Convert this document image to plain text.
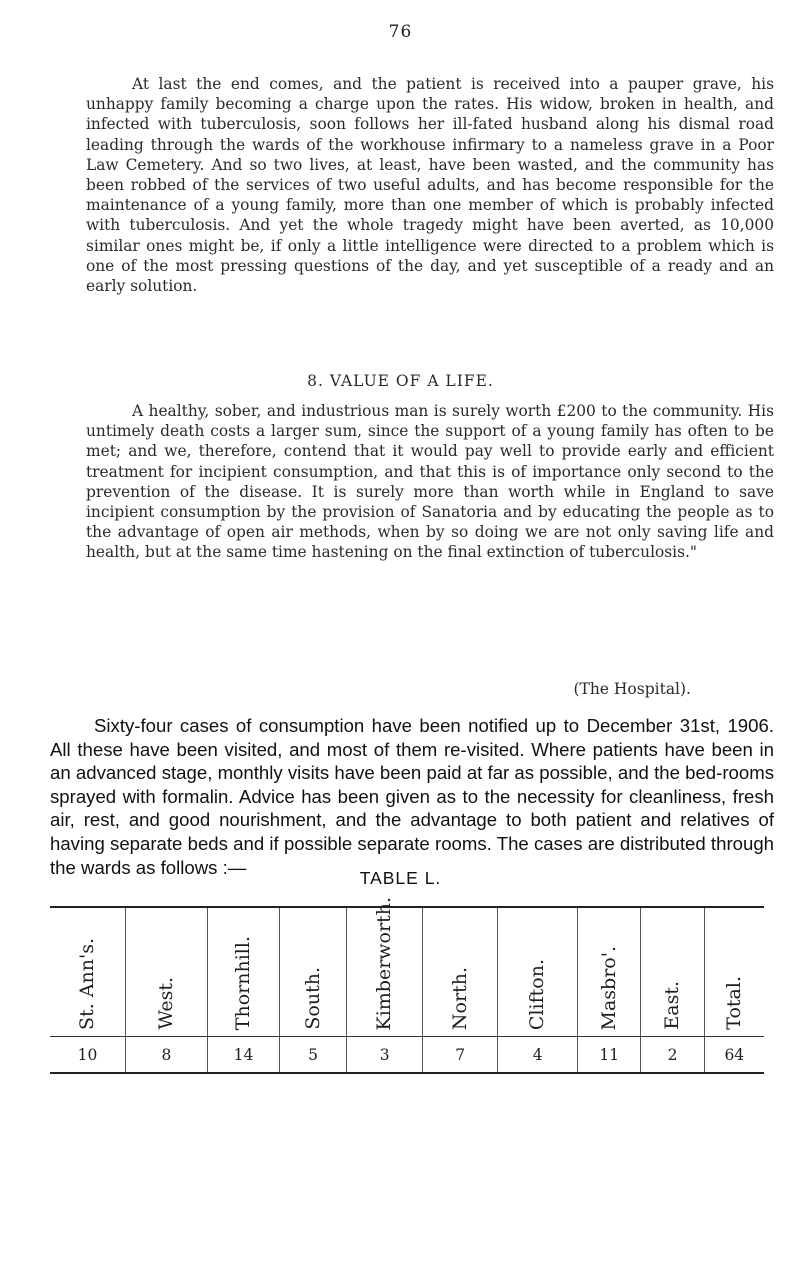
76

At last the end comes, and the patient is received into a pauper grave, his unhappy family becoming a charge upon the rates. His widow, broken in health, and infected with tuberculosis, soon follows her ill-fated husband along his dismal road leading through the wards of the workhouse infirmary to a nameless grave in a Poor Law Cemetery. And so two lives, at least, have been wasted, and the community has been robbed of the services of two useful adults, and has become responsible for the maintenance of a young family, more than one member of which is probably infected with tuberculosis. And yet the whole tragedy might have been averted, as 10,000 similar ones might be, if only a little intelligence were directed to a problem which is one of the most pressing questions of the day, and yet susceptible of a ready and an early solution.

8. VALUE OF A LIFE.

A healthy, sober, and industrious man is surely worth £200 to the community. His untimely death costs a larger sum, since the support of a young family has often to be met; and we, therefore, contend that it would pay well to provide early and efficient treatment for incipient consumption, and that this is of importance only second to the prevention of the disease. It is surely more than worth while in England to save incipient consumption by the provision of Sanatoria and by educating the people as to the advantage of open air methods, when by so doing we are not only saving life and health, but at the same time hastening on the final extinction of tuberculosis."

(The Hospital).

Sixty-four cases of consumption have been notified up to December 31st, 1906. All these have been visited, and most of them re-visited. Where patients have been in an advanced stage, monthly visits have been paid at far as possible, and the bed-rooms sprayed with formalin. Advice has been given as to the necessity for cleanliness, fresh air, rest, and good nourishment, and the advantage to both patient and relatives of having separate beds and if possible separate rooms. The cases are distributed through the wards as follows :—

TABLE L.
St. Ann's.	West.	Thornhill.	South.	Kimberworth.	North.	Clifton.	Masbro'.	East.	Total.

10	8	14	5	3	7	4	11	2	64
